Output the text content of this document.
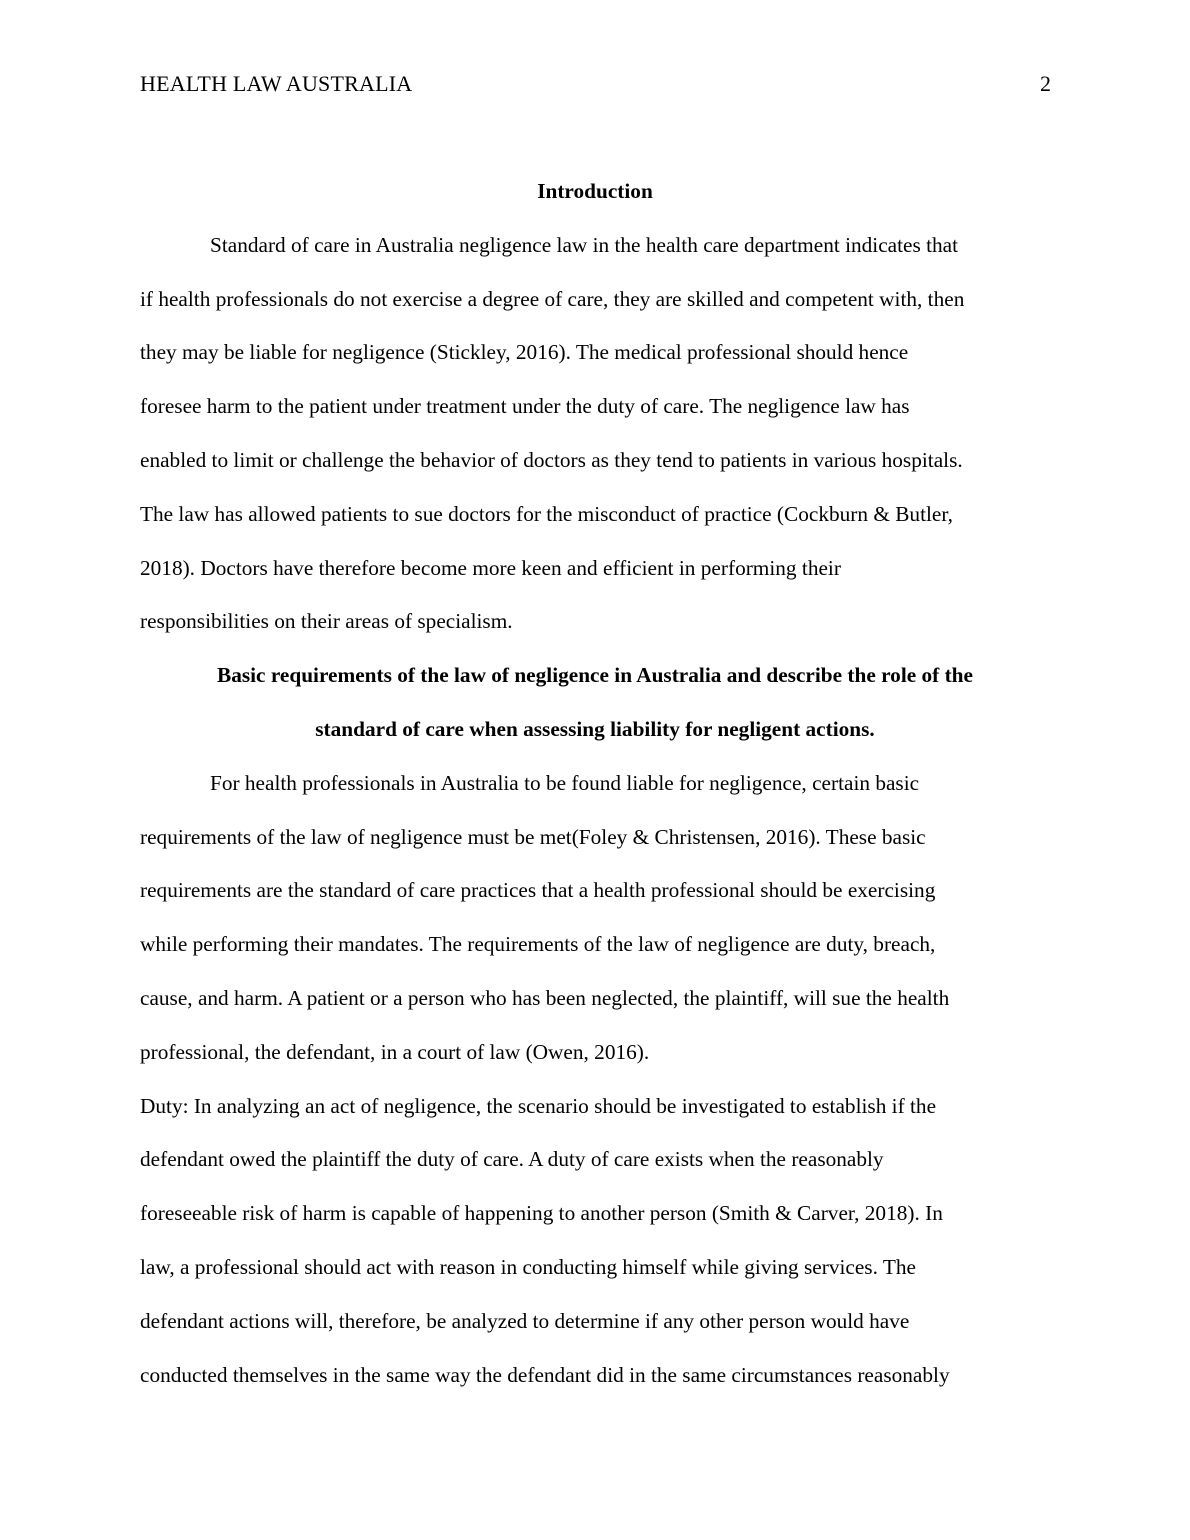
HEALTH LAW AUSTRALIA	2

Introduction

Standard of care in Australia negligence law in the health care department indicates that
if health professionals do not exercise a degree of care, they are skilled and competent with, then
they may be liable for negligence (Stickley, 2016). The medical professional should hence
foresee harm to the patient under treatment under the duty of care. The negligence law has
enabled to limit or challenge the behavior of doctors as they tend to patients in various hospitals.
The law has allowed patients to sue doctors for the misconduct of practice (Cockburn & Butler,
2018). Doctors have therefore become more keen and efficient in performing their
responsibilities on their areas of specialism.

Basic requirements of the law of negligence in Australia and describe the role of the
standard of care when assessing liability for negligent actions.

For health professionals in Australia to be found liable for negligence, certain basic
requirements of the law of negligence must be met(Foley & Christensen, 2016). These basic
requirements are the standard of care practices that a health professional should be exercising
while performing their mandates. The requirements of the law of negligence are duty, breach,
cause, and harm. A patient or a person who has been neglected, the plaintiff, will sue the health
professional, the defendant, in a court of law (Owen, 2016).

Duty: In analyzing an act of negligence, the scenario should be investigated to establish if the
defendant owed the plaintiff the duty of care. A duty of care exists when the reasonably
foreseeable risk of harm is capable of happening to another person (Smith & Carver, 2018). In
law, a professional should act with reason in conducting himself while giving services. The
defendant actions will, therefore, be analyzed to determine if any other person would have
conducted themselves in the same way the defendant did in the same circumstances reasonably
